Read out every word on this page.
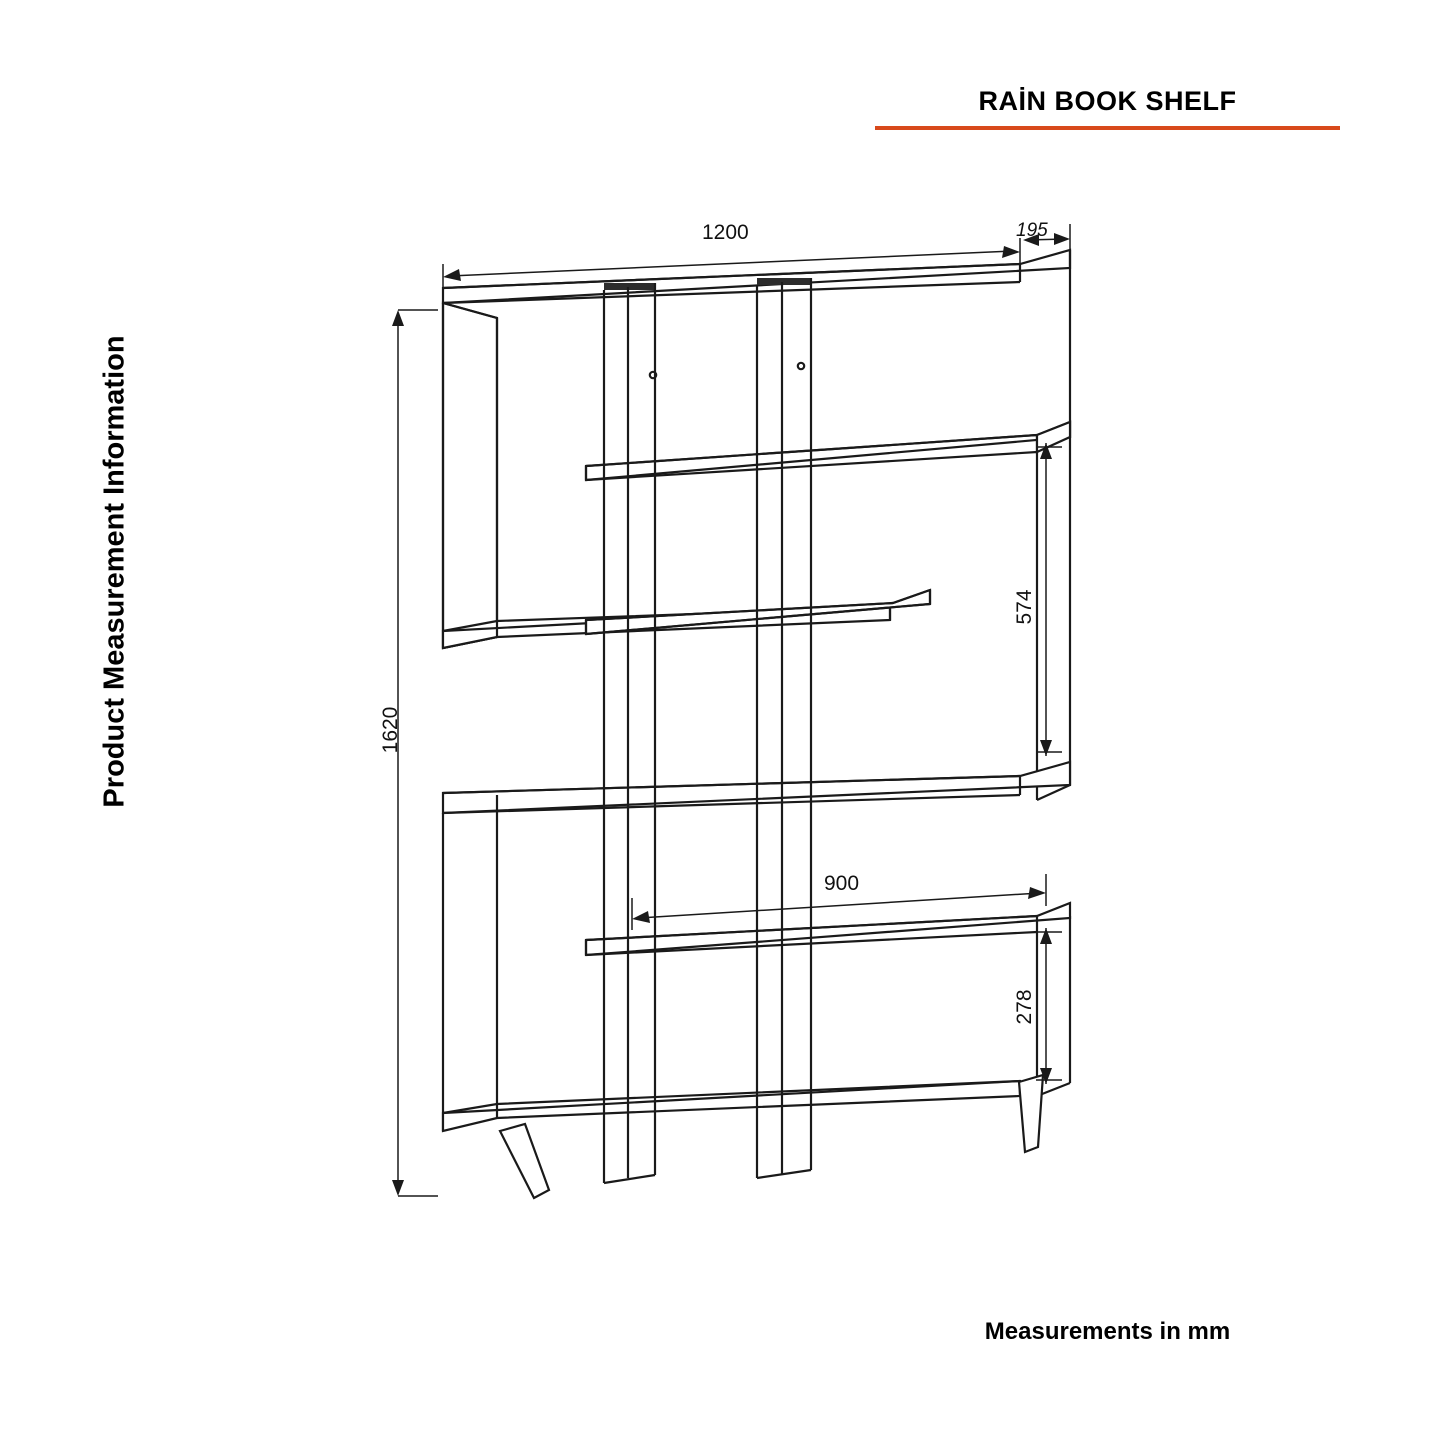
RAİN BOOK SHELF
Product Measurement Information
Measurements in mm
1200	195
1620
574
900
278
